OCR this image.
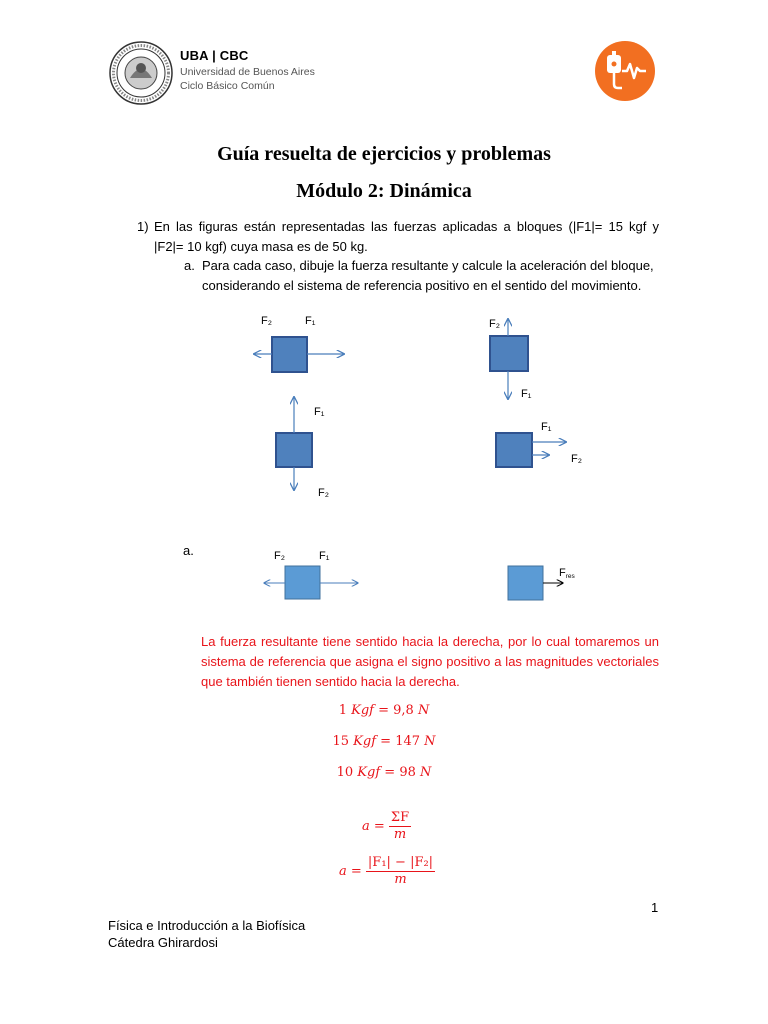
UBA | CBC
Universidad de Buenos Aires
Ciclo Básico Común
Guía resuelta de ejercicios y problemas
Módulo 2: Dinámica
1) En las figuras están representadas las fuerzas aplicadas a bloques (|F1|= 15 kgf y |F2|= 10 kgf) cuya masa es de 50 kg.
a. Para cada caso, dibuje la fuerza resultante y calcule la aceleración del bloque, considerando el sistema de referencia positivo en el sentido del movimiento.
F₂	F₁	F₂
F₁
F₁
F₂
F₁
F₂
F₂	F₁
Fres
a.
La fuerza resultante tiene sentido hacia la derecha, por lo cual tomaremos un sistema de referencia que asigna el signo positivo a las magnitudes vectoriales que también tienen sentido hacia la derecha.
1 Kgf = 9,8 N
15 Kgf = 147 N
10 Kgf = 98 N
$a = \frac{\Sigma F}{m}$
$a = \frac{\text{|F₁| − |F₂|}}{m}$
1
Física e Introducción a la Biofísica
Cátedra Ghirardosi
